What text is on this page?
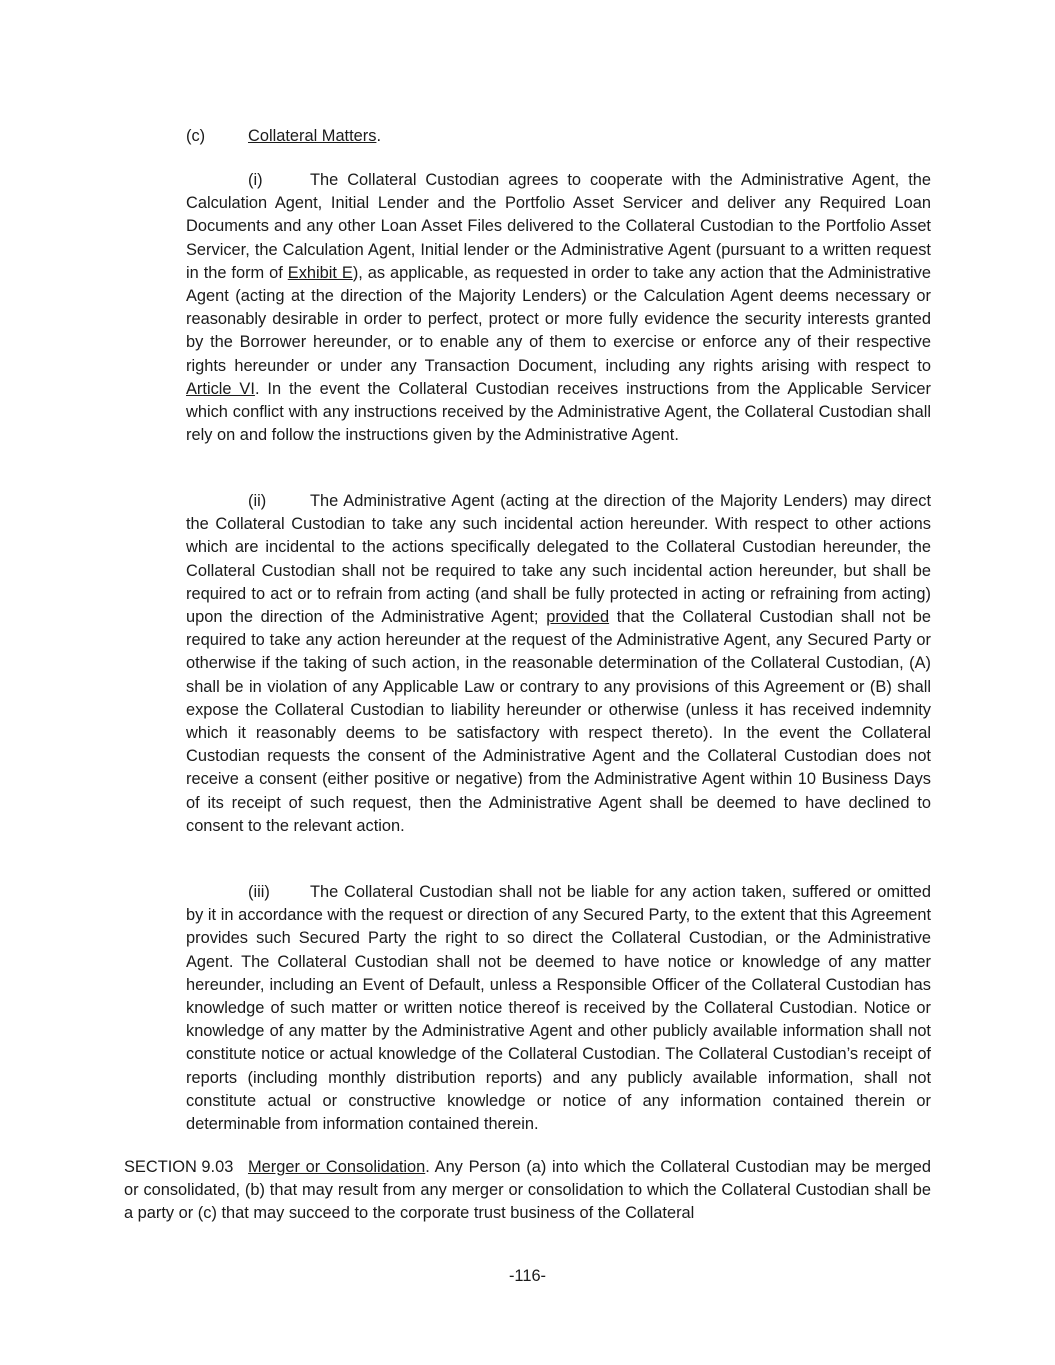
(c)	Collateral Matters.

(i)	The Collateral Custodian agrees to cooperate with the Administrative Agent, the Calculation Agent, Initial Lender and the Portfolio Asset Servicer and deliver any Required Loan Documents and any other Loan Asset Files delivered to the Collateral Custodian to the Portfolio Asset Servicer, the Calculation Agent, Initial lender or the Administrative Agent (pursuant to a written request in the form of Exhibit E), as applicable, as requested in order to take any action that the Administrative Agent (acting at the direction of the Majority Lenders) or the Calculation Agent deems necessary or reasonably desirable in order to perfect, protect or more fully evidence the security interests granted by the Borrower hereunder, or to enable any of them to exercise or enforce any of their respective rights hereunder or under any Transaction Document, including any rights arising with respect to Article VI. In the event the Collateral Custodian receives instructions from the Applicable Servicer which conflict with any instructions received by the Administrative Agent, the Collateral Custodian shall rely on and follow the instructions given by the Administrative Agent.

(ii)	The Administrative Agent (acting at the direction of the Majority Lenders) may direct the Collateral Custodian to take any such incidental action hereunder. With respect to other actions which are incidental to the actions specifically delegated to the Collateral Custodian hereunder, the Collateral Custodian shall not be required to take any such incidental action hereunder, but shall be required to act or to refrain from acting (and shall be fully protected in acting or refraining from acting) upon the direction of the Administrative Agent; provided that the Collateral Custodian shall not be required to take any action hereunder at the request of the Administrative Agent, any Secured Party or otherwise if the taking of such action, in the reasonable determination of the Collateral Custodian, (A) shall be in violation of any Applicable Law or contrary to any provisions of this Agreement or (B) shall expose the Collateral Custodian to liability hereunder or otherwise (unless it has received indemnity which it reasonably deems to be satisfactory with respect thereto). In the event the Collateral Custodian requests the consent of the Administrative Agent and the Collateral Custodian does not receive a consent (either positive or negative) from the Administrative Agent within 10 Business Days of its receipt of such request, then the Administrative Agent shall be deemed to have declined to consent to the relevant action.

(iii) The Collateral Custodian shall not be liable for any action taken, suffered or omitted by it in accordance with the request or direction of any Secured Party, to the extent that this Agreement provides such Secured Party the right to so direct the Collateral Custodian, or the Administrative Agent. The Collateral Custodian shall not be deemed to have notice or knowledge of any matter hereunder, including an Event of Default, unless a Responsible Officer of the Collateral Custodian has knowledge of such matter or written notice thereof is received by the Collateral Custodian. Notice or knowledge of any matter by the Administrative Agent and other publicly available information shall not constitute notice or actual knowledge of the Collateral Custodian. The Collateral Custodian’s receipt of reports (including monthly distribution reports) and any publicly available information, shall not constitute actual or constructive knowledge or notice of any information contained therein or determinable from information contained therein.

SECTION 9.03 Merger or Consolidation. Any Person (a) into which the Collateral Custodian may be merged or consolidated, (b) that may result from any merger or consolidation to which the Collateral Custodian shall be a party or (c) that may succeed to the corporate trust business of the Collateral

-116-
